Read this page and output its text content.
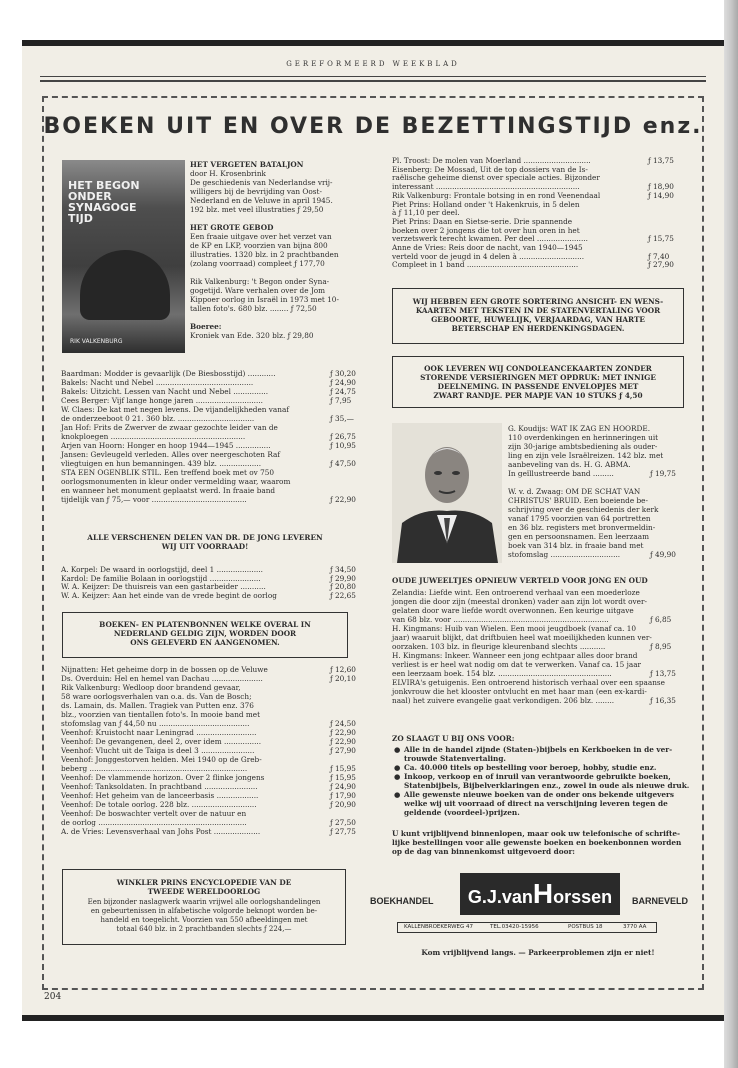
GEREFORMEERD WEEKBLAD
BOEKEN UIT EN OVER DE BEZETTINGSTIJD enz.
HET BEGON ONDER SYNAGOGE TIJD
RIK VALKENBURG
HET VERGETEN BATALJON
door H. Krosenbrink
De geschiedenis van Nederlandse vrij-
willigers bij de bevrijding van Oost-
Nederland en de Veluwe in april 1945.
192 blz. met veel illustraties ƒ 29,50
HET GROTE GEBOD
Een fraaie uitgave over het verzet van
de KP en LKP, voorzien van bijna 800
illustraties. 1320 blz. in 2 prachtbanden
(zolang voorraad) compleet ƒ 177,70
Rik Valkenburg: 't Begon onder Syna-
gogetijd. Ware verhalen over de Jom
Kippoer oorlog in Israël in 1973 met 10-
tallen foto's. 680 blz. ........ ƒ 72,50
Boeree:
Kroniek van Ede. 320 blz. ƒ 29,80
Baardman: Modder is gevaarlijk (De Biesbosstijd) ............	ƒ 30,20
Bakels: Nacht und Nebel ..........................................	ƒ 24,90
Bakels: Uitzicht. Lessen van Nacht und Nebel ...............	ƒ 24,75
Cees Berger: Vijf lange honge jaren .............................	ƒ 7,95
W. Claes: De kat met negen levens. De vijandelijkheden vanaf
de onderzeeboot 0 21. 360 blz. .................................	ƒ 35,—
Jan Hof: Frits de Zwerver de zwaar gezochte leider van de
knokploegen ..........................................................	ƒ 26,75
Arjen van Hoorn: Honger en hoop 1944—1945 ...............	ƒ 10,95
Jansen: Gevleugeld verleden. Alles over neergeschoten Raf
vliegtuigen en hun bemanningen. 439 blz. ..................	ƒ 47,50
STA EEN OGENBLIK STIL. Een treffend boek met ov 750
oorlogsmonumenten in kleur onder vermelding waar, waarom
en wanneer het monument geplaatst werd. In fraaie band
tijdelijk van ƒ 75,— voor .........................................	ƒ 22,90
ALLE VERSCHENEN DELEN VAN DR. DE JONG LEVEREN
WIJ UIT VOORRAAD!
A. Korpel: De waard in oorlogstijd, deel 1 ....................	ƒ 34,50
Kardol: De familie Bolaan in oorlogstijd ......................	ƒ 29,90
W. A. Keijzer: De thuisreis van een gastarbeider ...........	ƒ 20,80
W. A. Keijzer: Aan het einde van de vrede begint de oorlog	ƒ 22,65
BOEKEN- EN PLATENBONNEN WELKE OVERAL IN
NEDERLAND GELDIG ZIJN, WORDEN DOOR
ONS GELEVERD EN AANGENOMEN.
Nijnatten: Het geheime dorp in de bossen op de Veluwe	ƒ 12,60
Ds. Overduin: Hel en hemel van Dachau ......................	ƒ 20,10
Rik Valkenburg: Wedloop door brandend gevaar,
58 ware oorlogsverhalen van o.a. ds. Van de Bosch;
ds. Lamain, ds. Mallen. Tragiek van Putten enz. 376
blz., voorzien van tientallen foto's. In mooie band met
stofomslag van ƒ 44,50 nu .......................................	ƒ 24,50
Veenhof: Kruistocht naar Leningrad ..........................	ƒ 22,90
Veenhof: De gevangenen, deel 2, over idem ................	ƒ 22,90
Veenhof: Vlucht uit de Taiga is deel 3 .......................	ƒ 27,90
Veenhof: Jonggestorven helden. Mei 1940 op de Greb-
beberg ....................................................................	ƒ 15,95
Veenhof: De vlammende horizon. Over 2 flinke jongens	ƒ 15,95
Veenhof: Tanksoldaten. In prachtband .......................	ƒ 24,90
Veenhof: Het geheim van de lanceerbasis ..................	ƒ 17,90
Veenhof: De totale oorlog. 228 blz. ............................	ƒ 20,90
Veenhof: De boswachter vertelt over de natuur en
de oorlog ................................................................	ƒ 27,50
A. de Vries: Levensverhaal van Johs Post ....................	ƒ 27,75
WINKLER PRINS ENCYCLOPEDIE VAN DE
TWEEDE WERELDOORLOG
Een bijzonder naslagwerk waarin vrijwel alle oorlogshandelingen
en gebeurtenissen in alfabetische volgorde beknopt worden be-
handeld en toegelicht. Voorzien van 550 afbeeldingen met
totaal 640 blz. in 2 prachtbanden slechts ƒ 224,—
Pl. Troost: De molen van Moerland .............................	ƒ 13,75
Eisenberg: De Mossad, Uit de top dossiers van de Is-
raëlische geheime dienst over speciale acties. Bijzonder
interessant ..............................................................	ƒ 18,90
Rik Valkenburg: Frontale botsing in en rond Veenendaal	ƒ 14,90
Piet Prins: Holland onder 't Hakenkruis, in 5 delen
à ƒ 11,10 per deel.
Piet Prins: Daan en Sietse-serie. Drie spannende
boeken over 2 jongens die tot over hun oren in het
verzetswerk terecht kwamen. Per deel ......................	ƒ 15,75
Anne de Vries: Reis door de nacht, van 1940—1945
verteld voor de jeugd in 4 delen à ............................	ƒ 7,40
Compleet in 1 band ................................................	ƒ 27,90
WIJ HEBBEN EEN GROTE SORTERING ANSICHT- EN WENS-
KAARTEN MET TEKSTEN IN DE STATENVERTALING VOOR
GEBOORTE, HUWELIJK, VERJAARDAG, VAN HARTE
BETERSCHAP EN HERDENKINGSDAGEN.
OOK LEVEREN WIJ CONDOLEANCEKAARTEN ZONDER
STORENDE VERSIERINGEN MET OPDRUK: MET INNIGE
DEELNEMING. IN PASSENDE ENVELOPJES MET
ZWART RANDJE. PER MAPJE VAN 10 STUKS ƒ 4,50
G. Koudijs: WAT IK ZAG EN HOORDE.
110 overdenkingen en herinneringen uit
zijn 30-jarige ambtsbediening als ouder-
ling en zijn vele Israëlreizen. 142 blz. met
aanbeveling van ds. H. G. ABMA.
In geïllustreerde band .........	ƒ 19,75
W. v. d. Zwaag: OM DE SCHAT VAN
CHRISTUS' BRUID. Een boeiende be-
schrijving over de geschiedenis der kerk
vanaf 1795 voorzien van 64 portretten
en 36 blz. registers met bronvermeldin-
gen en persoonsnamen. Een leerzaam
boek van 314 blz. in fraaie band met
stofomslag ..............................	ƒ 49,90
OUDE JUWEELTJES OPNIEUW VERTELD VOOR JONG EN OUD
Zelandia: Liefde wint. Een ontroerend verhaal van een moederloze
jongen die door zijn (meestal dronken) vader aan zijn lot wordt over-
gelaten door ware liefde wordt overwonnen. Een keurige uitgave
van 68 blz. voor ...................................................................	ƒ 6,85
H. Kingmans: Huib van Wielen. Een mooi jeugdboek (vanaf ca. 10
jaar) waaruit blijkt, dat driftbuien heel wat moeilijkheden kunnen ver-
oorzaken. 103 blz. in fleurige kleurenband slechts ...........	ƒ 8,95
H. Kingmans: Inkeer. Wanneer een jong echtpaar alles door brand
verliest is er heel wat nodig om dat te verwerken. Vanaf ca. 15 jaar
een leerzaam boek. 154 blz. .................................................	ƒ 13,75
ELVIRA's getuigenis. Een ontroerend historisch verhaal over een spaanse
jonkvrouw die het klooster ontvlucht en met haar man (een ex-kardi-
naal) het zuivere evangelie gaat verkondigen. 206 blz. ........	ƒ 16,35
ZO SLAAGT U BIJ ONS VOOR:
● Alle in de handel zijnde (Staten-)bijbels en Kerkboeken in de ver-
trouwde Statenvertaling.
● Ca. 40.000 titels op bestelling voor beroep, hobby, studie enz.
● Inkoop, verkoop en of inruil van verantwoorde gebruikte boeken,
Statenbijbels, Bijbelverklaringen enz., zowel in oude als nieuwe druk.
● Alle gewenste nieuwe boeken van de onder ons bekende uitgevers
welke wij uit voorraad of direct na verschijning leveren tegen de
geldende (voordeel-)prijzen.
U kunt vrijblijvend binnenlopen, maar ook uw telefonische of schrifte-
lijke bestellingen voor alle gewenste boeken en boekenbonnen worden
op de dag van binnenkomst uitgevoerd door:
BOEKHANDEL	G.J.vanHorssen	BARNEVELD
KALLENBROEKERWEG 47	TEL.03420-15956	POSTBUS 18	3770 AA
Kom vrijblijvend langs. — Parkeerproblemen zijn er niet!
204
